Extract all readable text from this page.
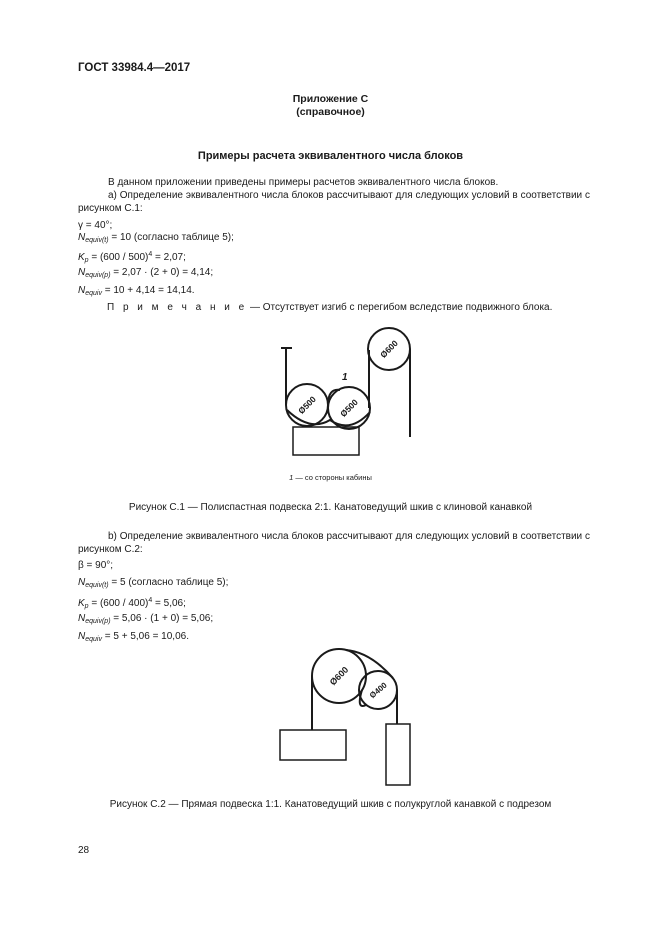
ГОСТ 33984.4—2017
Приложение С
(справочное)
Примеры расчета эквивалентного числа блоков
В данном приложении приведены примеры расчетов эквивалентного числа блоков.
а) Определение эквивалентного числа блоков рассчитывают для следующих условий в соответствии с рисунком С.1:
γ = 40°;
$N_{equiv(t)} = 10$ (согласно таблице 5);
$K_p = (600 / 500)^4 = 2,07$;
$N_{equiv(p)} = 2,07 \cdot (2 + 0) = 4,14$;
$N_{equiv} = 10 + 4,14 = 14,14$.
П р и м е ч а н и е — Отсутствует изгиб с перегибом вследствие подвижного блока.
Ø600
Ø500 Ø500
1
1 — со стороны кабины
Рисунок С.1 — Полиспастная подвеска 2:1. Канатоведущий шкив с клиновой канавкой
b) Определение эквивалентного числа блоков рассчитывают для следующих условий в соответствии с рисунком С.2:
β = 90°;
$N_{equiv(t)} = 5$ (согласно таблице 5);
$K_p = (600 / 400)^4 = 5,06$;
$N_{equiv(p)} = 5,06 \cdot (1 + 0) = 5,06$;
$N_{equiv} = 5 + 5,06 = 10,06$.
Ø600
Ø400
Рисунок С.2 — Прямая подвеска 1:1. Канатоведущий шкив с полукруглой канавкой с подрезом
28
